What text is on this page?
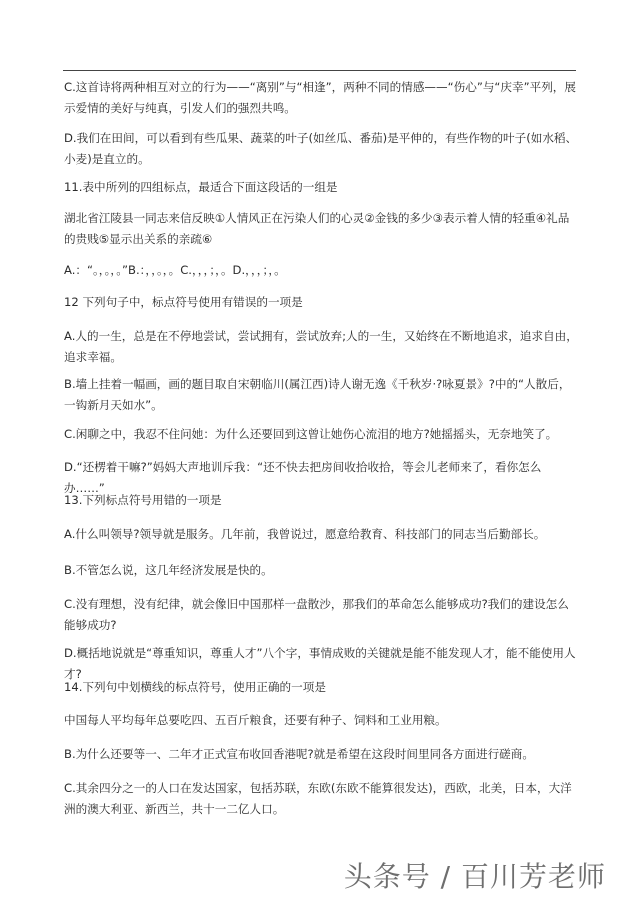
C.这首诗将两种相互对立的行为——“离别”与“相逢”，两种不同的情感——“伤心”与“庆幸”平列，展示爱情的美好与纯真，引发人们的强烈共鸣。

D.我们在田间，可以看到有些瓜果、蔬菜的叶子(如丝瓜、番茄)是平伸的，有些作物的叶子(如水稻、小麦)是直立的。

11.表中所列的四组标点，最适合下面这段话的一组是

湖北省江陵县一同志来信反映①人情风正在污染人们的心灵②金钱的多少③表示着人情的轻重④礼品的贵贱⑤显示出关系的亲疏⑥

A.：“。，。，。”B.：，，。，。C.，，，；，。D.，，，；，。

12 下列句子中，标点符号使用有错误的一项是

A.人的一生，总是在不停地尝试，尝试拥有，尝试放弃;人的一生，又始终在不断地追求，追求自由，追求幸福。

B.墙上挂着一幅画，画的题目取自宋朝临川(属江西)诗人谢无逸《千秋岁·?咏夏景》?中的“人散后，一钩新月天如水”。

C.闲聊之中，我忍不住问她：为什么还要回到这曾让她伤心流泪的地方?她摇摇头，无奈地笑了。

D.“还楞着干嘛?”妈妈大声地训斥我：“还不快去把房间收拾收拾，等会儿老师来了，看你怎么办……”

13.下列标点符号用错的一项是

A.什么叫领导?领导就是服务。几年前，我曾说过，愿意给教育、科技部门的同志当后勤部长。

B.不管怎么说，这几年经济发展是快的。

C.没有理想，没有纪律，就会像旧中国那样一盘散沙，那我们的革命怎么能够成功?我们的建设怎么能够成功?

D.概括地说就是“尊重知识，尊重人才”八个字，事情成败的关键就是能不能发现人才，能不能使用人才?

14.下列句中划横线的标点符号，使用正确的一项是

中国每人平均每年总要吃四、五百斤粮食，还要有种子、饲料和工业用粮。

B.为什么还要等一、二年才正式宣布收回香港呢?就是希望在这段时间里同各方面进行磋商。

C.其余四分之一的人口在发达国家，包括苏联，东欧(东欧不能算很发达)，西欧，北美，日本，大洋洲的澳大利亚、新西兰，共十一二亿人口。

头条号 / 百川芳老师
